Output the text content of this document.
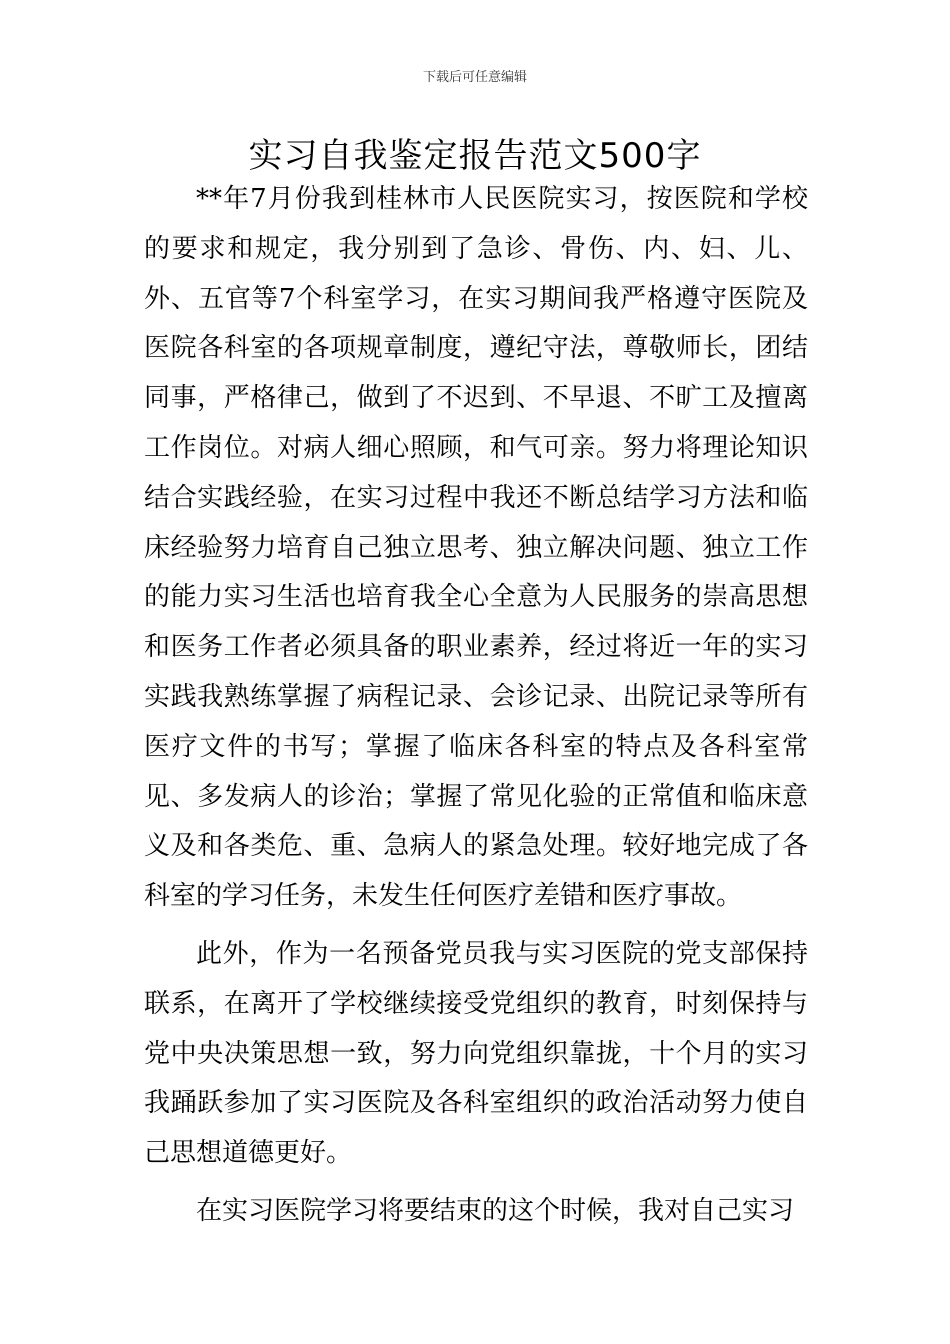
下载后可任意编辑
实习自我鉴定报告范文500字

**年7月份我到桂林市人民医院实习，按医院和学校的要求和规定，我分别到了急诊、骨伤、内、妇、儿、外、五官等7个科室学习，在实习期间我严格遵守医院及医院各科室的各项规章制度，遵纪守法，尊敬师长，团结同事，严格律己，做到了不迟到、不早退、不旷工及擅离工作岗位。对病人细心照顾，和气可亲。努力将理论知识结合实践经验，在实习过程中我还不断总结学习方法和临床经验努力培育自己独立思考、独立解决问题、独立工作的能力实习生活也培育我全心全意为人民服务的崇高思想和医务工作者必须具备的职业素养，经过将近一年的实习实践我熟练掌握了病程记录、会诊记录、出院记录等所有医疗文件的书写；掌握了临床各科室的特点及各科室常见、多发病人的诊治；掌握了常见化验的正常值和临床意义及和各类危、重、急病人的紧急处理。较好地完成了各科室的学习任务，未发生任何医疗差错和医疗事故。

此外，作为一名预备党员我与实习医院的党支部保持联系，在离开了学校继续接受党组织的教育，时刻保持与党中央决策思想一致，努力向党组织靠拢，十个月的实习我踊跃参加了实习医院及各科室组织的政治活动努力使自己思想道德更好。

在实习医院学习将要结束的这个时候，我对自己实习
